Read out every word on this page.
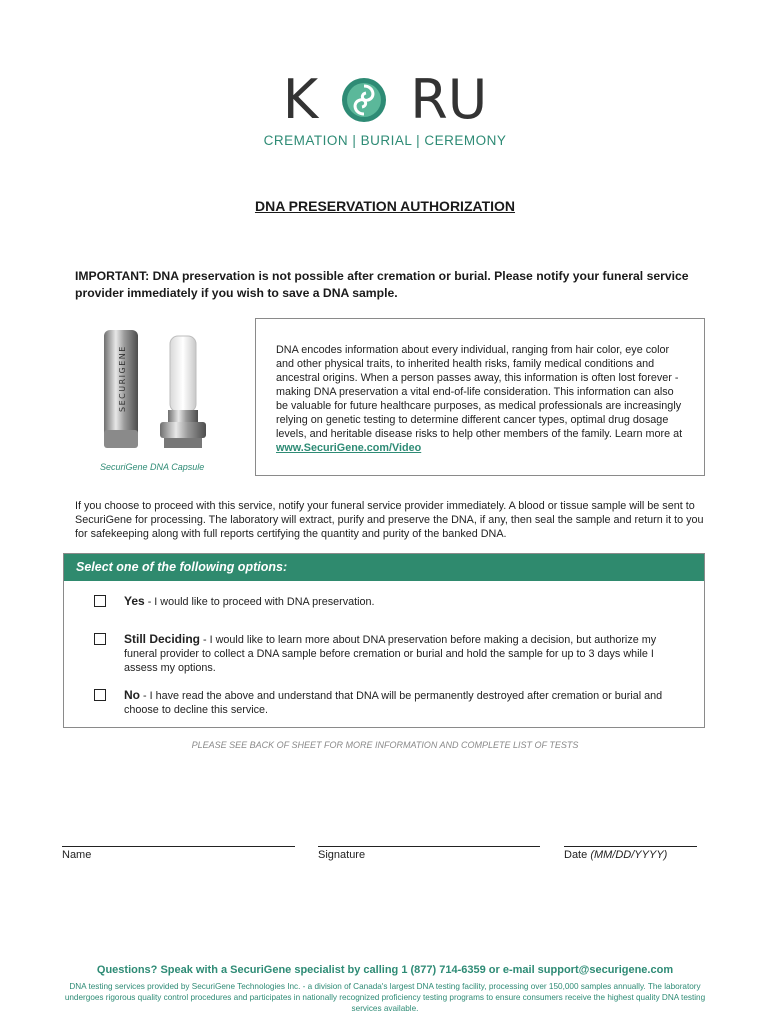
K RU
CREMATION | BURIAL | CEREMONY
DNA PRESERVATION AUTHORIZATION
IMPORTANT: DNA preservation is not possible after cremation or burial. Please notify your funeral service provider immediately if you wish to save a DNA sample.
SECURIGENE
SecuriGene DNA Capsule
DNA encodes information about every individual, ranging from hair color, eye color and other physical traits, to inherited health risks, family medical conditions and ancestral origins. When a person passes away, this information is often lost forever - making DNA preservation a vital end-of-life consideration. This information can also be valuable for future healthcare purposes, as medical professionals are increasingly relying on genetic testing to determine different cancer types, optimal drug dosage levels, and heritable disease risks to help other members of the family. Learn more at www.SecuriGene.com/Video
If you choose to proceed with this service, notify your funeral service provider immediately. A blood or tissue sample will be sent to SecuriGene for processing. The laboratory will extract, purify and preserve the DNA, if any, then seal the sample and return it to you for safekeeping along with full reports certifying the quantity and purity of the banked DNA.
Select one of the following options:
Yes - I would like to proceed with DNA preservation.
Still Deciding - I would like to learn more about DNA preservation before making a decision, but authorize my funeral provider to collect a DNA sample before cremation or burial and hold the sample for up to 3 days while I assess my options.
No - I have read the above and understand that DNA will be permanently destroyed after cremation or burial and choose to decline this service.
PLEASE SEE BACK OF SHEET FOR MORE INFORMATION AND COMPLETE LIST OF TESTS
Name	Signature	Date (MM/DD/YYYY)
Questions? Speak with a SecuriGene specialist by calling 1 (877) 714-6359 or e-mail support@securigene.com
DNA testing services provided by SecuriGene Technologies Inc. - a division of Canada's largest DNA testing facility, processing over 150,000 samples annually. The laboratory undergoes rigorous quality control procedures and participates in nationally recognized proficiency testing programs to ensure consumers receive the highest quality DNA testing services available.
